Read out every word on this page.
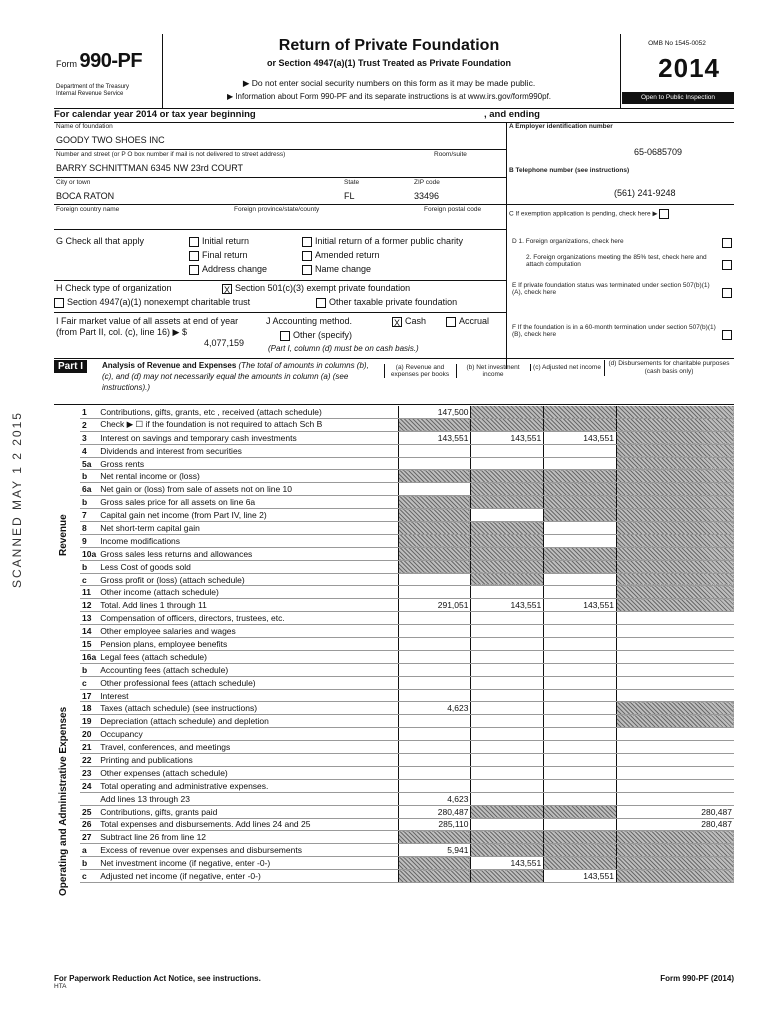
Form 990-PF
Department of the Treasury
Internal Revenue Service
Return of Private Foundation
or Section 4947(a)(1) Trust Treated as Private Foundation
▶ Do not enter social security numbers on this form as it may be made public.
▶ Information about Form 990-PF and its separate instructions is at www.irs.gov/form990pf.
OMB No 1545-0052
2014
Open to Public Inspection
For calendar year 2014 or tax year beginning	, and ending
Name of foundation
GOODY TWO SHOES INC
A Employer identification number
65-0685709
Number and street (or P O box number if mail is not delivered to street address)	Room/suite
BARRY SCHNITTMAN 6345 NW 23rd COURT	B Telephone number (see instructions)
(561) 241-9248
City or town	State	ZIP code
BOCA RATON	FL	33496
Foreign country name	Foreign province/state/county	Foreign postal code
C If exemption application is pending, check here ▶
G Check all that apply	Initial return
Final return
Address change
Initial return of a former public charity
Amended return
Name change
D 1. Foreign organizations, check here
2. Foreign organizations meeting the 85% test, check here and attach computation
E If private foundation status was terminated under section 507(b)(1)(A), check here
F If the foundation is in a 60-month termination under section 507(b)(1)(B), check here
H Check type of organization	X Section 501(c)(3) exempt private foundation
Section 4947(a)(1) nonexempt charitable trust	Other taxable private foundation
I Fair market value of all assets at end of year (from Part II, col. (c), line 16) ▶ $
4,077,159
J Accounting method.	X Cash	Accrual
Other (specify)
(Part I, column (d) must be on cash basis.)
Part I	Analysis of Revenue and Expenses (The total of amounts in columns (b), (c), and (d) may not necessarily equal the amounts in column (a) (see instructions).)
(a) Revenue and expenses per books
(b) Net investment income
(c) Adjusted net income
(d) Disbursements for charitable purposes (cash basis only)
1	Contributions, gifts, grants, etc , received (attach schedule)	147,500			
2	Check ▶ ☐ if the foundation is not required to attach Sch B				
3	Interest on savings and temporary cash investments	143,551	143,551	143,551	
4	Dividends and interest from securities				
5a	Gross rents				
b	Net rental income or (loss)				
6a	Net gain or (loss) from sale of assets not on line 10				
b	Gross sales price for all assets on line 6a				
7	Capital gain net income (from Part IV, line 2)				
8	Net short-term capital gain				
9	Income modifications				
10a	Gross sales less returns and allowances				
b	Less Cost of goods sold				
c	Gross profit or (loss) (attach schedule)				
11	Other income (attach schedule)				
12	Total. Add lines 1 through 11	291,051	143,551	143,551	
13	Compensation of officers, directors, trustees, etc.				
14	Other employee salaries and wages				
15	Pension plans, employee benefits				
16a	Legal fees (attach schedule)				
b	Accounting fees (attach schedule)				
c	Other professional fees (attach schedule)				
17	Interest				
18	Taxes (attach schedule) (see instructions)	4,623			
19	Depreciation (attach schedule) and depletion				
20	Occupancy				
21	Travel, conferences, and meetings				
22	Printing and publications				
23	Other expenses (attach schedule)				
24	Total operating and administrative expenses.				
	Add lines 13 through 23	4,623			
25	Contributions, gifts, grants paid	280,487			280,487
26	Total expenses and disbursements. Add lines 24 and 25	285,110			280,487
27	Subtract line 26 from line 12				
a	Excess of revenue over expenses and disbursements	5,941			
b	Net investment income (if negative, enter -0-)		143,551		
c	Adjusted net income (if negative, enter -0-)			143,551	
Revenue
Operating and Administrative Expenses
SCANNED MAY 1 2 2015
For Paperwork Reduction Act Notice, see instructions.
HTA
Form 990-PF (2014)
